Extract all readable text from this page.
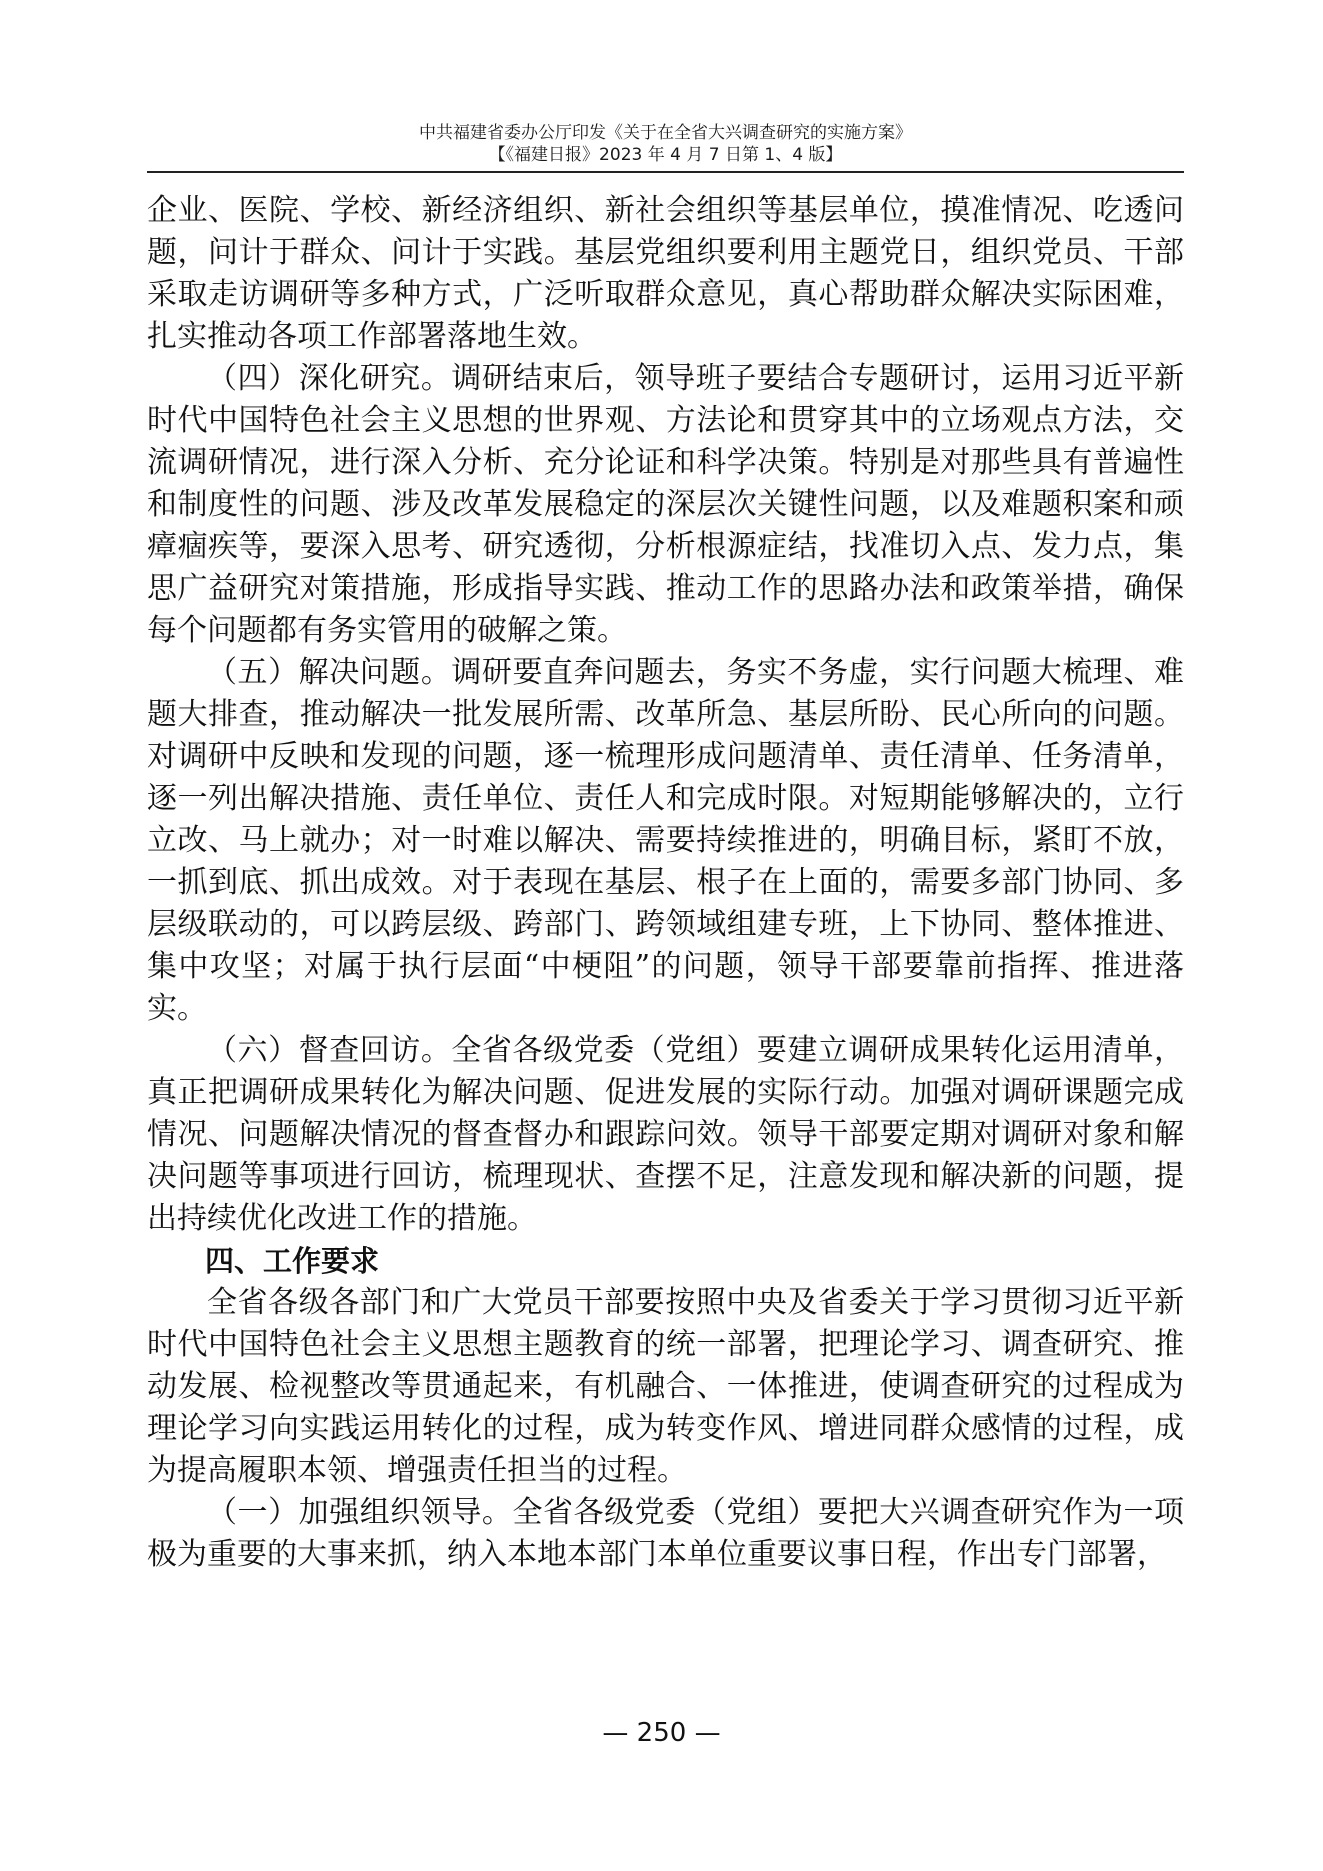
中共福建省委办公厅印发《关于在全省大兴调查研究的实施方案》
【《福建日报》2023 年 4 月 7 日第 1、4 版】

企业、医院、学校、新经济组织、新社会组织等基层单位，摸准情况、吃透问题，问计于群众、问计于实践。基层党组织要利用主题党日，组织党员、干部采取走访调研等多种方式，广泛听取群众意见，真心帮助群众解决实际困难，扎实推动各项工作部署落地生效。

（四）深化研究。调研结束后，领导班子要结合专题研讨，运用习近平新时代中国特色社会主义思想的世界观、方法论和贯穿其中的立场观点方法，交流调研情况，进行深入分析、充分论证和科学决策。特别是对那些具有普遍性和制度性的问题、涉及改革发展稳定的深层次关键性问题，以及难题积案和顽瘴痼疾等，要深入思考、研究透彻，分析根源症结，找准切入点、发力点，集思广益研究对策措施，形成指导实践、推动工作的思路办法和政策举措，确保每个问题都有务实管用的破解之策。

（五）解决问题。调研要直奔问题去，务实不务虚，实行问题大梳理、难题大排查，推动解决一批发展所需、改革所急、基层所盼、民心所向的问题。对调研中反映和发现的问题，逐一梳理形成问题清单、责任清单、任务清单，逐一列出解决措施、责任单位、责任人和完成时限。对短期能够解决的，立行立改、马上就办；对一时难以解决、需要持续推进的，明确目标，紧盯不放，一抓到底、抓出成效。对于表现在基层、根子在上面的，需要多部门协同、多层级联动的，可以跨层级、跨部门、跨领域组建专班，上下协同、整体推进、集中攻坚；对属于执行层面“中梗阻”的问题，领导干部要靠前指挥、推进落实。

（六）督查回访。全省各级党委（党组）要建立调研成果转化运用清单，真正把调研成果转化为解决问题、促进发展的实际行动。加强对调研课题完成情况、问题解决情况的督查督办和跟踪问效。领导干部要定期对调研对象和解决问题等事项进行回访，梳理现状、查摆不足，注意发现和解决新的问题，提出持续优化改进工作的措施。

四、工作要求

全省各级各部门和广大党员干部要按照中央及省委关于学习贯彻习近平新时代中国特色社会主义思想主题教育的统一部署，把理论学习、调查研究、推动发展、检视整改等贯通起来，有机融合、一体推进，使调查研究的过程成为理论学习向实践运用转化的过程，成为转变作风、增进同群众感情的过程，成为提高履职本领、增强责任担当的过程。

（一）加强组织领导。全省各级党委（党组）要把大兴调查研究作为一项极为重要的大事来抓，纳入本地本部门本单位重要议事日程，作出专门部署，

— 250 —
